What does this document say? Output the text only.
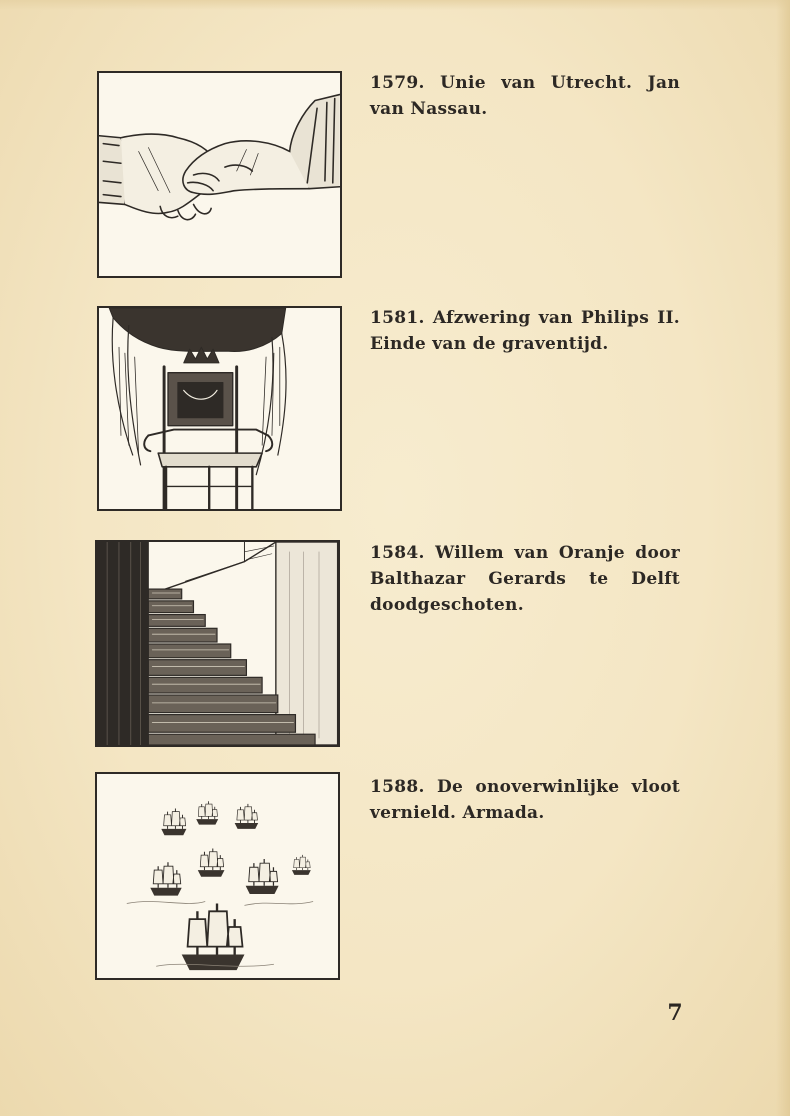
1579. Unie van Utrecht. Jan van Nassau.
1581. Afzwering van Philips II. Einde van de graventijd.
1584. Willem van Oranje door Balthazar Gerards te Delft doodgeschoten.
1588. De onoverwinlijke vloot vernield. Armada.
7
